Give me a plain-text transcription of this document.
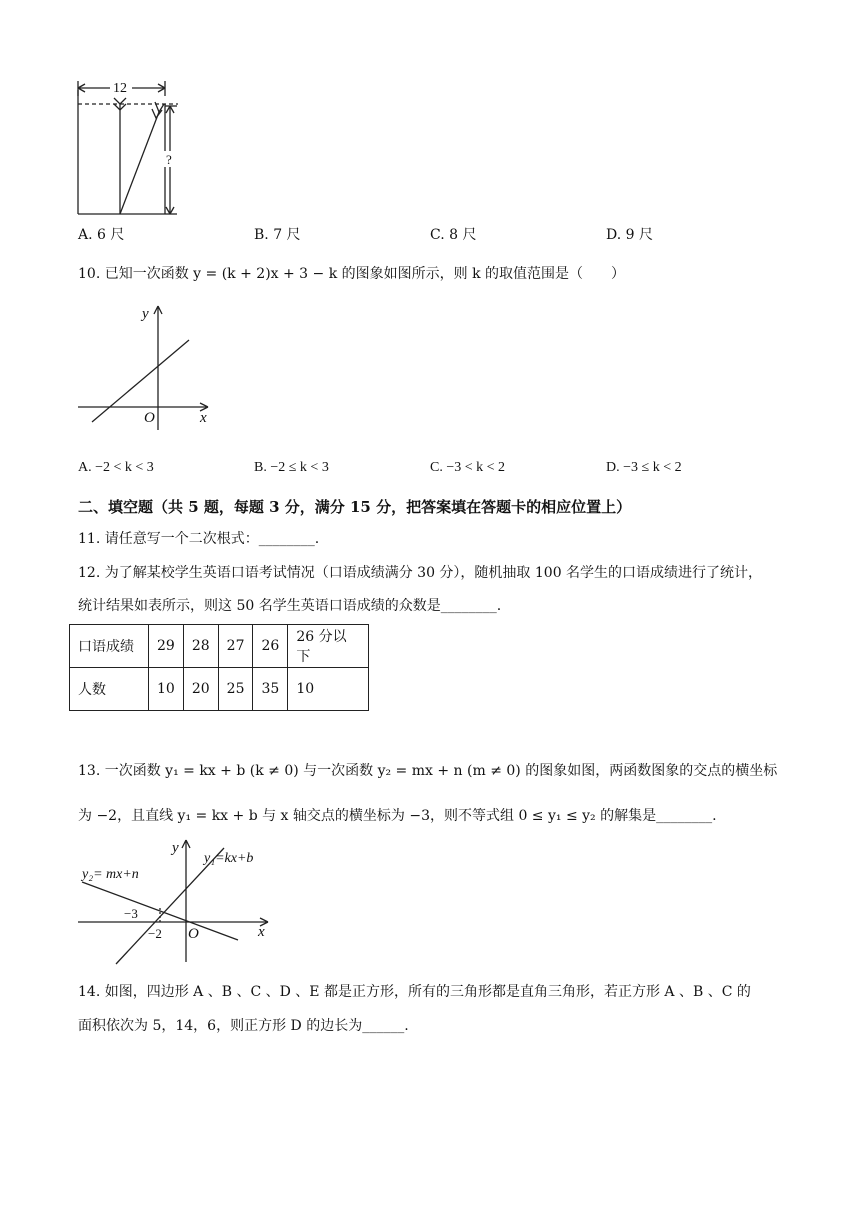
12
?
A. 6 尺	B. 7 尺	C. 8 尺	D. 9 尺
10. 已知一次函数 y = (k + 2)x + 3 − k 的图象如图所示，则 k 的取值范围是（　　）
y
x
O
A. −2 < k < 3	B. −2 ≤ k < 3	C. −3 < k < 2	D. −3 ≤ k < 2
二、填空题（共 5 题，每题 3 分，满分 15 分，把答案填在答题卡的相应位置上）
11. 请任意写一个二次根式：________.
12. 为了解某校学生英语口语考试情况（口语成绩满分 30 分），随机抽取 100 名学生的口语成绩进行了统计，
统计结果如表所示，则这 50 名学生英语口语成绩的众数是________.
口语成绩	29	28	27	26	26 分以下
人数	10	20	25	35	10
13. 一次函数 y₁ = kx + b (k ≠ 0) 与一次函数 y₂ = mx + n (m ≠ 0) 的图象如图，两函数图象的交点的横坐标
为 −2，且直线 y₁ = kx + b 与 x 轴交点的横坐标为 −3，则不等式组 0 ≤ y₁ ≤ y₂ 的解集是________.
y
x
O
y₂= mx+n
y₁=kx+b
−3
−2
14. 如图，四边形 A 、B 、C 、D 、E 都是正方形，所有的三角形都是直角三角形，若正方形 A 、B 、C 的
面积依次为 5，14，6，则正方形 D 的边长为______.
